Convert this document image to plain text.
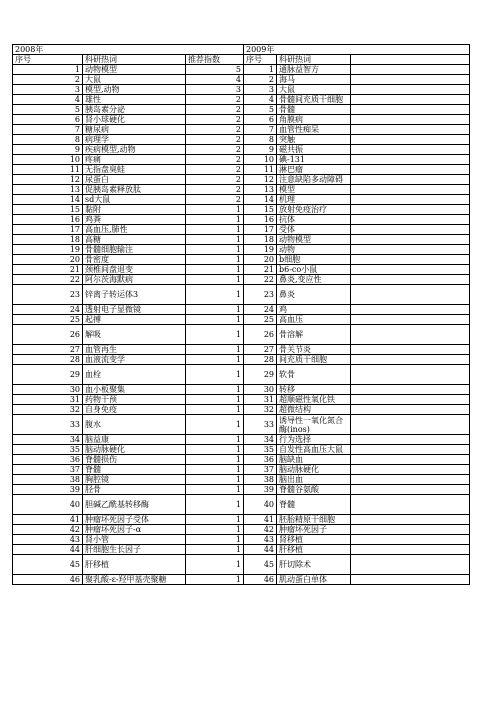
2008年			2009年		
序号	科研热词	推荐指数	序号	科研热词	
1	动物模型	5	1	通脉益智方	
2	大鼠	4	2	海马	
3	模型,动物	3	3	大鼠	
4	雄性	2	4	骨髓间充质干细胞	
5	胰岛素分泌	2	5	骨髓	
6	肾小球硬化	2	6	角膜病	
7	糖尿病	2	7	血管性痴呆	
8	病理学	2	8	突触	
9	疾病模型,动物	2	9	磁共振	
10	疼痛	2	10	碘-131	
11	无指盘臭蛙	2	11	淋巴瘤	
12	尿蛋白	2	12	注意缺陷多动障碍	
13	促胰岛素释放肽	2	13	模型	
14	sd大鼠	2	14	机理	
15	黏附	1	15	放射免疫治疗	
16	鸡粪	1	16	抗体	
17	高血压,肺性	1	17	受体	
18	高糖	1	18	动物模型	
19	骨髓细胞输注	1	19	动物	
20	骨密度	1	20	b细胞	
21	颈椎间盘退变	1	21	b6-co小鼠	
22	阿尔茨海默病	1	22	鼻炎,变应性	
23	锌离子转运体3	1	23	鼻炎	
24	透射电子显微镜	1	24	鸡	
25	起搏	1	25	高血压	
26	解吸	1	26	骨溶解	
27	血管再生	1	27	骨关节炎	
28	血液流变学	1	28	间充质干细胞	
29	血栓	1	29	软骨	
30	血小板聚集	1	30	转移	
31	药物干预	1	31	超顺磁性氧化铁	
32	自身免疫	1	32	超微结构	
33	腹水	1	33	诱导性一氧化氮合酶(inos)	
34	脑益康	1	34	行为选择	
35	脑动脉硬化	1	35	自发性高血压大鼠	
36	脊髓损伤	1	36	脑缺血	
37	脊髓	1	37	脑动脉硬化	
38	胸腔镜	1	38	脑出血	
39	胫骨	1	39	脊髓谷氨酸	
40	胆碱乙酰基转移酶	1	40	脊髓	
41	肿瘤坏死因子受体	1	41	胚胎精原干细胞	
42	肿瘤坏死因子-α	1	42	肿瘤坏死因子	
43	肾小管	1	43	肾移植	
44	肝细胞生长因子	1	44	肝移植	
45	肝移植	1	45	肝切除术	
46	聚乳酸-ε-羟甲基壳聚糖	1	46	肌动蛋白单体	
